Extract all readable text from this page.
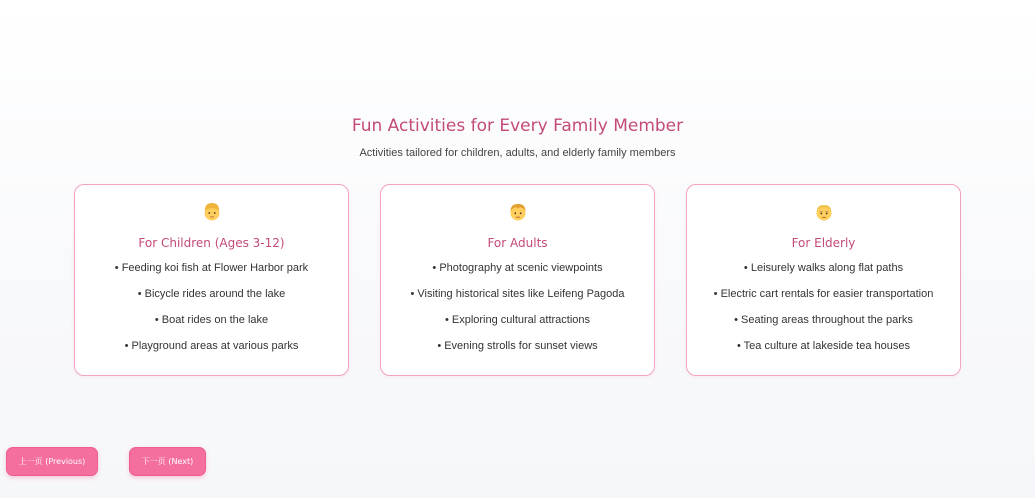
Fun Activities for Every Family Member
Activities tailored for children, adults, and elderly family members
For Children (Ages 3-12)
• Feeding koi fish at Flower Harbor park
• Bicycle rides around the lake
• Boat rides on the lake
• Playground areas at various parks
For Adults
• Photography at scenic viewpoints
• Visiting historical sites like Leifeng Pagoda
• Exploring cultural attractions
• Evening strolls for sunset views
For Elderly
• Leisurely walks along flat paths
• Electric cart rentals for easier transportation
• Seating areas throughout the parks
• Tea culture at lakeside tea houses
上一页 (Previous)	下一页 (Next)
